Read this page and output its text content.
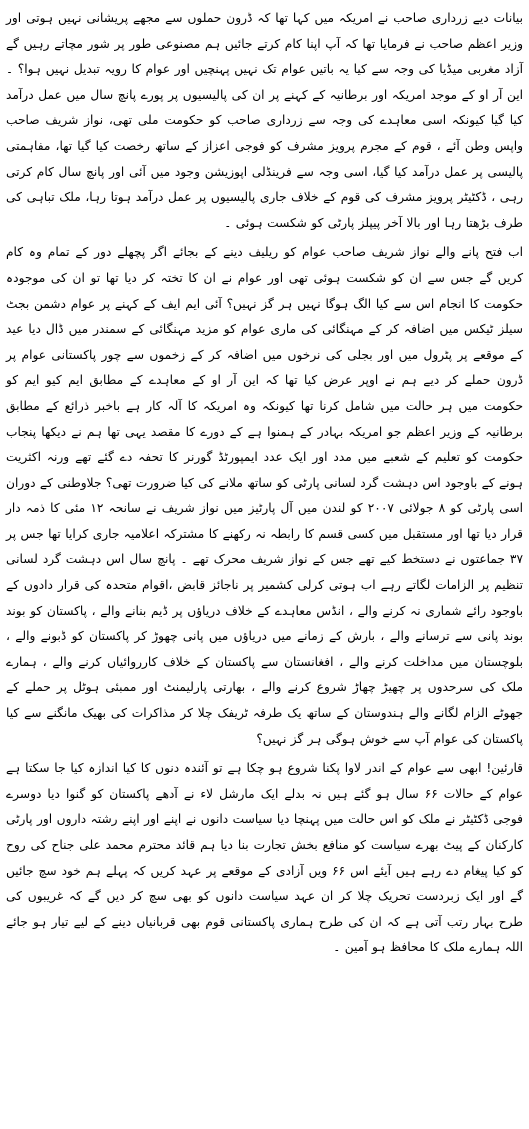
بیانات دیے زرداری صاحب نے امریکہ میں کہا تھا کہ ڈرون حملوں سے مجھے پریشانی نہیں ہوتی اور وزیر اعظم صاحب نے فرمایا تھا کہ آپ اپنا کام کرتے جائیں ہم مصنوعی طور پر شور مچاتے رہیں گے آزاد مغربی میڈیا کی وجہ سے کیا یہ باتیں عوام تک نہیں پہنچیں اور عوام کا رویہ تبدیل نہیں ہوا؟ ۔ این آر او کے موجد امریکہ اور برطانیہ کے کہنے پر ان کی پالیسیوں پر پورے پانچ سال میں عمل درآمد کیا گیا کیونکہ اسی معاہدے کی وجہ سے زرداری صاحب کو حکومت ملی تھی، نواز شریف صاحب واپس وطن آئے ، قوم کے مجرم پرویز مشرف کو فوجی اعزاز کے ساتھ رخصت کیا گیا تھا، مفاہمتی پالیسی پر عمل درآمد کیا گیا، اسی وجہ سے فرینڈلی اپوزیشن وجود میں آئی اور پانچ سال کام کرتی رہی ، ڈکٹیٹر پرویز مشرف کی قوم کے خلاف جاری پالیسیوں پر عمل درآمد ہوتا رہا، ملک تباہی کی طرف بڑھتا رہا اور بالا آخر پیپلز پارٹی کو شکست ہوئی ۔

اب فتح پانے والے نواز شریف صاحب عوام کو ریلیف دینے کے بجائے اگر پچھلے دور کے تمام وہ کام کریں گے جس سے ان کو شکست ہوئی تھی اور عوام نے ان کا تختہ کر دیا تھا تو ان کی موجودہ حکومت کا انجام اس سے کیا الگ ہوگا نہیں ہر گز نہیں؟ آئی ایم ایف کے کہنے پر عوام دشمن بجٹ سیلز ٹیکس میں اضافہ کر کے مہنگائی کی ماری عوام کو مزید مہنگائی کے سمندر میں ڈال دیا عید کے موقعے پر پٹرول میں اور بجلی کی نرخوں میں اضافہ کر کے زخموں سے چور پاکستانی عوام پر ڈرون حملے کر دیے ہم نے اوپر عرض کیا تھا کہ این آر او کے معاہدے کے مطابق ایم کیو ایم کو حکومت میں ہر حالت میں شامل کرنا تھا کیونکہ وہ امریکہ کا آلہ کار ہے باخبر ذرائع کے مطابق برطانیہ کے وزیر اعظم جو امریکہ بہادر کے ہمنوا ہے کے دورے کا مقصد یہی تھا ہم نے دیکھا پنجاب حکومت کو تعلیم کے شعبے میں مدد اور ایک عدد ایمپورٹڈ گورنر کا تحفہ دے گئے تھے ورنہ اکثریت ہونے کے باوجود اس دہشت گرد لسانی پارٹی کو ساتھ ملانے کی کیا ضرورت تھی؟ جلاوطنی کے دوران اسی پارٹی کو ۸ جولائی ۲۰۰۷ کو لندن میں آل پارٹیز میں نواز شریف نے سانحہ ۱۲ مئی کا ذمہ دار قرار دیا تھا اور مستقبل میں کسی قسم کا رابطہ نہ رکھنے کا مشترکہ اعلامیہ جاری کرایا تھا جس پر ۳۷ جماعتوں نے دستخط کیے تھے جس کے نواز شریف محرک تھے ۔ پانچ سال اس دہشت گرد لسانی تنظیم پر الزامات لگاتے رہے اب ہوتی کرلی کشمیر پر ناجائز قابض ،اقوام متحدہ کی قرار دادوں کے باوجود رائے شماری نہ کرنے والے ، انڈس معاہدے کے خلاف دریاؤں پر ڈیم بنانے والے ، پاکستان کو بوند بوند پانی سے ترسانے والے ، بارش کے زمانے میں دریاؤں میں پانی چھوڑ کر پاکستان کو ڈبونے والے ، بلوچستان میں مداخلت کرنے والے ، افغانستان سے پاکستان کے خلاف کارروائیاں کرنے والے ، ہمارے ملک کی سرحدوں پر چھیڑ چھاڑ شروع کرنے والے ، بھارتی پارلیمنٹ اور ممبئی ہوٹل پر حملے کے جھوٹے الزام لگانے والے ہندوستان کے ساتھ یک طرفہ ٹریفک چلا کر مذاکرات کی بھیک مانگنے سے کیا پاکستان کی عوام آپ سے خوش ہوگی ہر گز نہیں؟

قارئین! ابھی سے عوام کے اندر لاوا پکنا شروع ہو چکا ہے تو آئندہ دنوں کا کیا اندازہ کیا جا سکتا ہے عوام کے حالات ۶۶ سال ہو گئے ہیں نہ بدلے ایک مارشل لاء نے آدھے پاکستان کو گنوا دیا دوسرے فوجی ڈکٹیٹر نے ملک کو اس حالت میں پہنچا دیا سیاست دانوں نے اپنے اور اپنے رشتہ داروں اور پارٹی کارکنان کے پیٹ بھرے سیاست کو منافع بخش تجارت بنا دیا ہم قائد محترم محمد علی جناح کی روح کو کیا پیغام دے رہے ہیں آیئے اس ۶۶ ویں آزادی کے موقعے پر عہد کریں کہ پہلے ہم خود سچ جائیں گے اور ایک زبردست تحریک چلا کر ان عہد سیاست دانوں کو بھی سچ کر دیں گے کہ غریبوں کی طرح بہار رتب آتی ہے کہ ان کی طرح ہماری پاکستانی قوم بھی قربانیاں دینے کے لیے تیار ہو جائے اللہ ہمارے ملک کا محافظ ہو آمین ۔
